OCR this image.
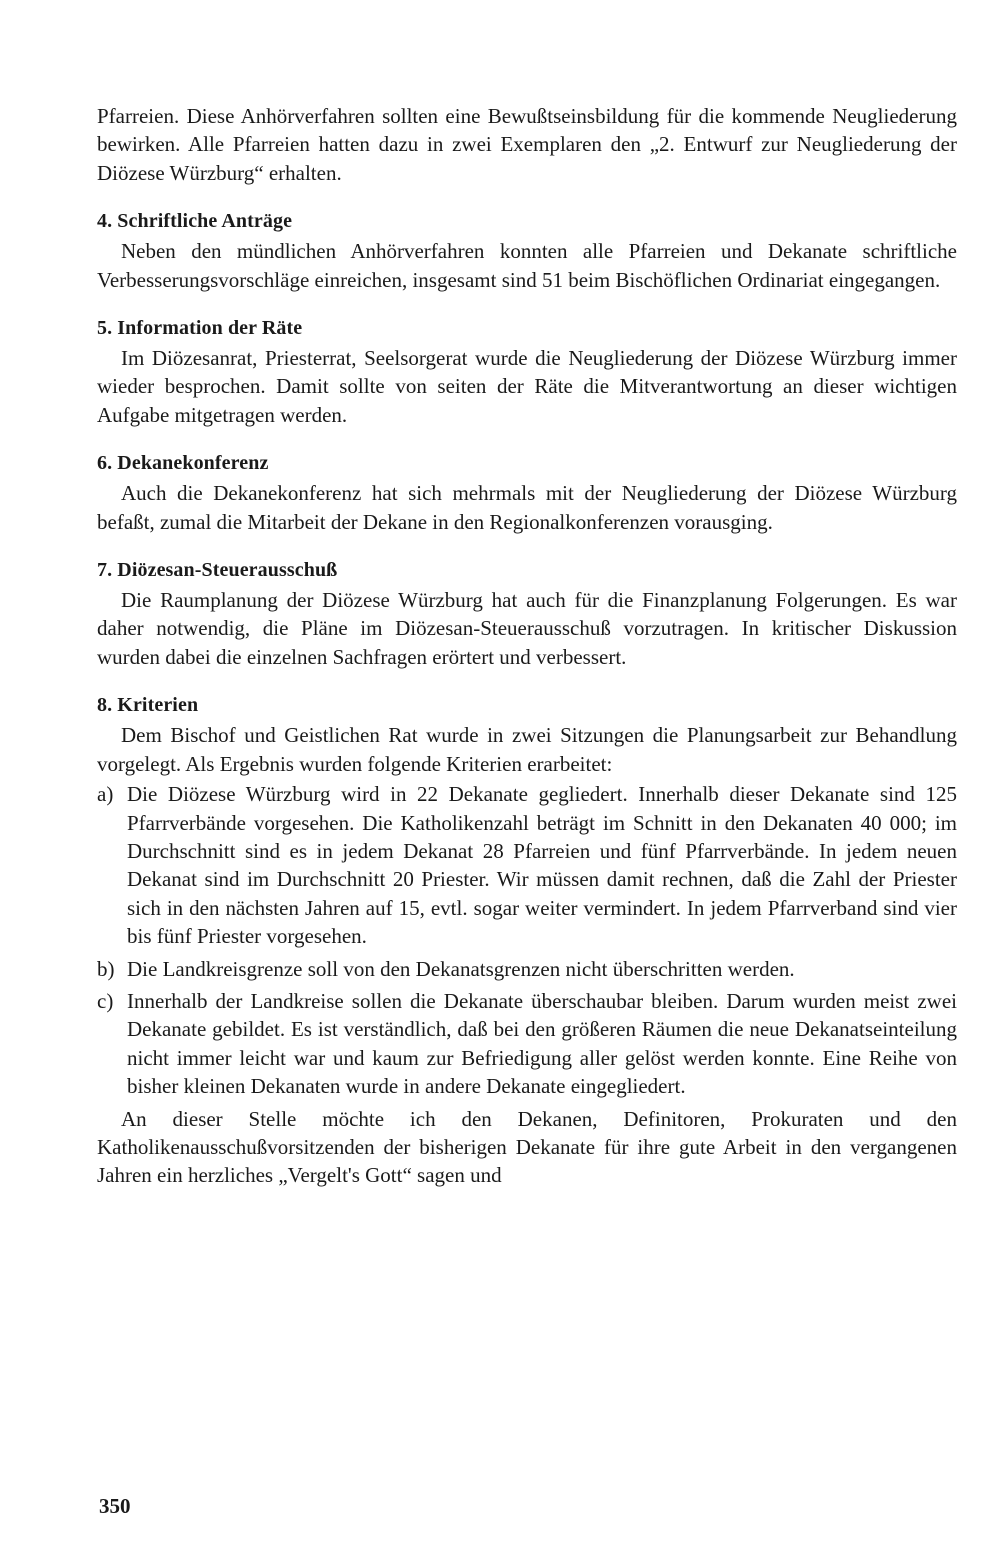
Pfarreien. Diese Anhörverfahren sollten eine Bewußtseinsbildung für die kommende Neugliederung bewirken. Alle Pfarreien hatten dazu in zwei Exemplaren den „2. Entwurf zur Neugliederung der Diözese Würzburg“ erhalten.

4. Schriftliche Anträge

Neben den mündlichen Anhörverfahren konnten alle Pfarreien und Dekanate schriftliche Verbesserungsvorschläge einreichen, insgesamt sind 51 beim Bischöflichen Ordinariat eingegangen.

5. Information der Räte

Im Diözesanrat, Priesterrat, Seelsorgerat wurde die Neugliederung der Diözese Würzburg immer wieder besprochen. Damit sollte von seiten der Räte die Mitverantwortung an dieser wichtigen Aufgabe mitgetragen werden.

6. Dekanekonferenz

Auch die Dekanekonferenz hat sich mehrmals mit der Neugliederung der Diözese Würzburg befaßt, zumal die Mitarbeit der Dekane in den Regionalkonferenzen vorausging.

7. Diözesan-Steuerausschuß

Die Raumplanung der Diözese Würzburg hat auch für die Finanzplanung Folgerungen. Es war daher notwendig, die Pläne im Diözesan-Steuerausschuß vorzutragen. In kritischer Diskussion wurden dabei die einzelnen Sachfragen erörtert und verbessert.

8. Kriterien

Dem Bischof und Geistlichen Rat wurde in zwei Sitzungen die Planungsarbeit zur Behandlung vorgelegt. Als Ergebnis wurden folgende Kriterien erarbeitet:

a) Die Diözese Würzburg wird in 22 Dekanate gegliedert. Innerhalb dieser Dekanate sind 125 Pfarrverbände vorgesehen. Die Katholikenzahl beträgt im Schnitt in den Dekanaten 40 000; im Durchschnitt sind es in jedem Dekanat 28 Pfarreien und fünf Pfarrverbände. In jedem neuen Dekanat sind im Durchschnitt 20 Priester. Wir müssen damit rechnen, daß die Zahl der Priester sich in den nächsten Jahren auf 15, evtl. sogar weiter vermindert. In jedem Pfarrverband sind vier bis fünf Priester vorgesehen.
b) Die Landkreisgrenze soll von den Dekanatsgrenzen nicht überschritten werden.
c) Innerhalb der Landkreise sollen die Dekanate überschaubar bleiben. Darum wurden meist zwei Dekanate gebildet. Es ist verständlich, daß bei den größeren Räumen die neue Dekanatseinteilung nicht immer leicht war und kaum zur Befriedigung aller gelöst werden konnte. Eine Reihe von bisher kleinen Dekanaten wurde in andere Dekanate eingegliedert.

An dieser Stelle möchte ich den Dekanen, Definitoren, Prokuraten und den Katholikenausschußvorsitzenden der bisherigen Dekanate für ihre gute Arbeit in den vergangenen Jahren ein herzliches „Vergelt's Gott“ sagen und

350
